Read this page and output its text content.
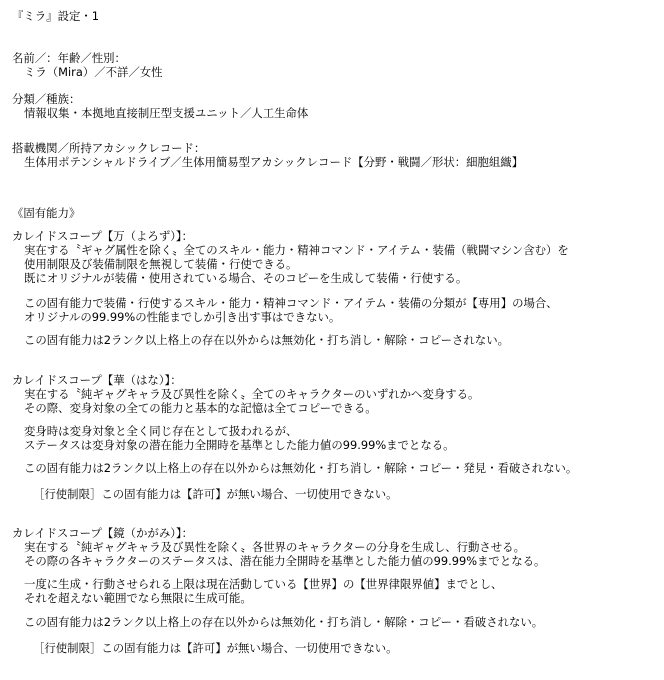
『ミラ』設定・1

名前／：年齢／性別：

ミラ（Mira）／不詳／女性

分類／種族：

情報収集・本拠地直接制圧型支援ユニット／人工生命体

搭載機関／所持アカシックレコード：

生体用ポテンシャルドライブ／生体用簡易型アカシックレコード【分野・戦闘／形状：細胞組織】

《固有能力》

カレイドスコープ【万（よろず）】：

実在する〝ギャグ属性を除く〟全てのスキル・能力・精神コマンド・アイテム・装備（戦闘マシン含む）を

使用制限及び装備制限を無視して装備・行使できる。

既にオリジナルが装備・使用されている場合、そのコピーを生成して装備・行使する。

この固有能力で装備・行使するスキル・能力・精神コマンド・アイテム・装備の分類が【専用】の場合、

オリジナルの99.99%の性能までしか引き出す事はできない。

この固有能力は2ランク以上格上の存在以外からは無効化・打ち消し・解除・コピーされない。

カレイドスコープ【華（はな）】：

実在する〝純ギャグキャラ及び異性を除く〟全てのキャラクターのいずれかへ変身する。

その際、変身対象の全ての能力と基本的な記憶は全てコピーできる。

変身時は変身対象と全く同じ存在として扱われるが、

ステータスは変身対象の潜在能力全開時を基準とした能力値の99.99%までとなる。

この固有能力は2ランク以上格上の存在以外からは無効化・打ち消し・解除・コピー・発見・看破されない。

［行使制限］この固有能力は【許可】が無い場合、一切使用できない。

カレイドスコープ【鏡（かがみ）】：

実在する〝純ギャグキャラ及び異性を除く〟各世界のキャラクターの分身を生成し、行動させる。

その際の各キャラクターのステータスは、潜在能力全開時を基準とした能力値の99.99%までとなる。

一度に生成・行動させられる上限は現在活動している【世界】の【世界律限界値】までとし、

それを超えない範囲でなら無限に生成可能。

この固有能力は2ランク以上格上の存在以外からは無効化・打ち消し・解除・コピー・看破されない。

［行使制限］この固有能力は【許可】が無い場合、一切使用できない。
